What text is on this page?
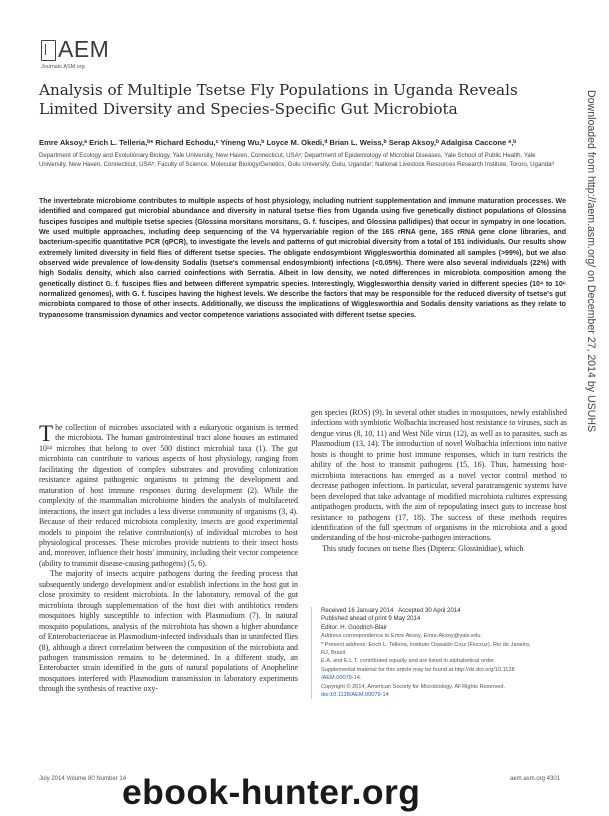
AEM
Journals.ASM.org
Analysis of Multiple Tsetse Fly Populations in Uganda Reveals Limited Diversity and Species-Specific Gut Microbiota
Emre Aksoy,ᵃ Erich L. Telleria,ᵇ* Richard Echodu,ᶜ Yineng Wu,ᵇ Loyce M. Okedi,ᵈ Brian L. Weiss,ᵇ Serap Aksoy,ᵇ Adalgisa Caccone ᵃ,ᵇ
Department of Ecology and Evolutionary Biology, Yale University, New Haven, Connecticut, USAᵃ; Department of Epidemiology of Microbial Diseases, Yale School of Public Health, Yale University, New Haven, Connecticut, USAᵇ; Faculty of Science, Molecular Biology/Genetics, Gulu University, Gulu, Ugandaᶜ; National Livestock Resources Research Institute, Tororo, Ugandaᵈ
The invertebrate microbiome contributes to multiple aspects of host physiology, including nutrient supplementation and immune maturation processes. We identified and compared gut microbial abundance and diversity in natural tsetse flies from Uganda using five genetically distinct populations of Glossina fuscipes fuscipes and multiple tsetse species (Glossina morsitans morsitans, G. f. fuscipes, and Glossina pallidipes) that occur in sympatry in one location. We used multiple approaches, including deep sequencing of the V4 hypervariable region of the 16S rRNA gene, 16S rRNA gene clone libraries, and bacterium-specific quantitative PCR (qPCR), to investigate the levels and patterns of gut microbial diversity from a total of 151 individuals. Our results show extremely limited diversity in field flies of different tsetse species. The obligate endosymbiont Wigglesworthia dominated all samples (>99%), but we also observed wide prevalence of low-density Sodalis (tsetse's commensal endosymbiont) infections (<0.05%). There were also several individuals (22%) with high Sodalis density, which also carried coinfections with Serratia. Albeit in low density, we noted differences in microbiota composition among the genetically distinct G. f. fuscipes flies and between different sympatric species. Interestingly, Wigglesworthia density varied in different species (10⁴ to 10⁶ normalized genomes), with G. f. fuscipes having the highest levels. We describe the factors that may be responsible for the reduced diversity of tsetse's gut microbiota compared to those of other insects. Additionally, we discuss the implications of Wigglesworthia and Sodalis density variations as they relate to trypanosome transmission dynamics and vector competence variations associated with different tsetse species.

The collection of microbes associated with a eukaryotic organism is termed the microbiota. The human gastrointestinal tract alone houses an estimated 10¹⁴ microbes that belong to over 500 distinct microbial taxa (1). The gut microbiota can contribute to various aspects of host physiology, ranging from facilitating the digestion of complex substrates and providing colonization resistance against pathogenic organisms to priming the development and maturation of host immune responses during development (2). While the complexity of the mammalian microbiome hinders the analysis of multifaceted interactions, the insect gut includes a less diverse community of organisms (3, 4). Because of their reduced microbiota complexity, insects are good experimental models to pinpoint the relative contribution(s) of individual microbes to host physiological processes. These microbes provide nutrients to their insect hosts and, moreover, influence their hosts' immunity, including their vector competence (ability to transmit disease-causing pathogens) (5, 6).

The majority of insects acquire pathogens during the feeding process that subsequently undergo development and/or establish infections in the host gut in close proximity to resident microbiota. In the laboratory, removal of the gut microbiota through supplementation of the host diet with antibiotics renders mosquitoes highly susceptible to infection with Plasmodium (7). In natural mosquito populations, analysis of the microbiota has shown a higher abundance of Enterobacteriaceae in Plasmodium-infected individuals than in uninfected flies (8), although a direct correlation between the composition of the microbiota and pathogen transmission remains to be determined. In a different study, an Enterobacter strain identified in the guts of natural populations of Anopheline mosquitoes interfered with Plasmodium transmission in laboratory experiments through the synthesis of reactive oxy-

gen species (ROS) (9). In several other studies in mosquitoes, newly established infections with symbiotic Wolbachia increased host resistance to viruses, such as dengue virus (8, 10, 11) and West Nile virus (12), as well as to parasites, such as Plasmodium (13, 14). The introduction of novel Wolbachia infections into native hosts is thought to prime host immune responses, which in turn restricts the ability of the host to transmit pathogens (15, 16). Thus, harnessing host-microbiota interactions has emerged as a novel vector control method to decrease pathogen infections. In particular, several paratransgenic systems have been developed that take advantage of modified microbiota cultures expressing antipathogen products, with the aim of repopulating insect guts to increase host resistance to pathogens (17, 18). The success of these methods requires identification of the full spectrum of organisms in the microbiota and a good understanding of the host-microbe-pathogen interactions.

This study focuses on tsetse flies (Diptera: Glossinidiae), which

Received 16 January 2014 Accepted 30 April 2014
Published ahead of print 9 May 2014
Editor: H. Goodrich-Blair
Address correspondence to Emre Aksoy, Emre.Aksoy@yale.edu.
* Present address: Erich L. Telleria, Instituto Oswaldo Cruz (Fiocruz), Rio de Janeiro,
RJ, Brazil.
E.A. and E.L.T. contributed equally and are listed in alphabetical order.
Supplemental material for this article may be found at http://dx.doi.org/10.1128
/AEM.00079-14.
Copyright © 2014, American Society for Microbiology. All Rights Reserved.
doi:10.1128/AEM.00079-14
Downloaded from http://aem.asm.org/ on December 27, 2014 by USUHS
July 2014 Volume 80 Number 14	aem.asm.org 4301
ebook-hunter.org
